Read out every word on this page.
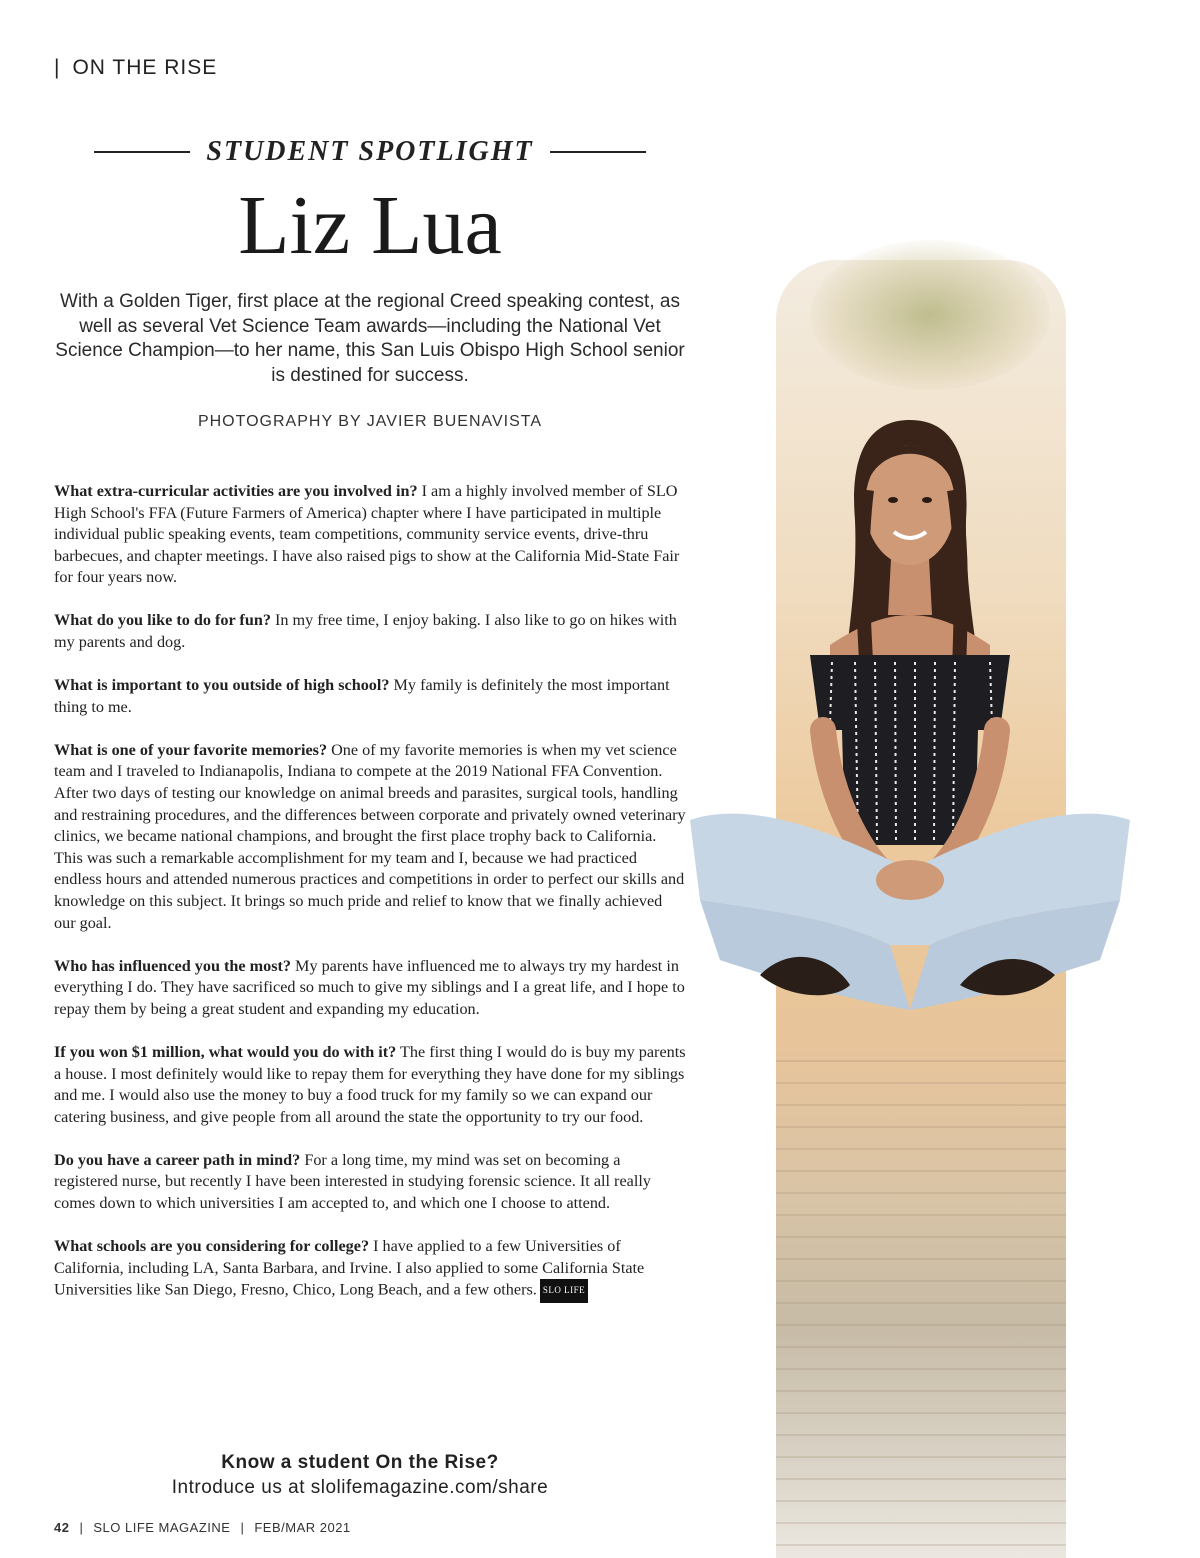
| ON THE RISE
STUDENT SPOTLIGHT
Liz Lua
With a Golden Tiger, first place at the regional Creed speaking contest, as well as several Vet Science Team awards—including the National Vet Science Champion—to her name, this San Luis Obispo High School senior is destined for success.
PHOTOGRAPHY BY JAVIER BUENAVISTA

What extra-curricular activities are you involved in? I am a highly involved member of SLO High School's FFA (Future Farmers of America) chapter where I have participated in multiple individual public speaking events, team competitions, community service events, drive-thru barbecues, and chapter meetings. I have also raised pigs to show at the California Mid-State Fair for four years now.

What do you like to do for fun? In my free time, I enjoy baking. I also like to go on hikes with my parents and dog.

What is important to you outside of high school? My family is definitely the most important thing to me.

What is one of your favorite memories? One of my favorite memories is when my vet science team and I traveled to Indianapolis, Indiana to compete at the 2019 National FFA Convention. After two days of testing our knowledge on animal breeds and parasites, surgical tools, handling and restraining procedures, and the differences between corporate and privately owned veterinary clinics, we became national champions, and brought the first place trophy back to California. This was such a remarkable accomplishment for my team and I, because we had practiced endless hours and attended numerous practices and competitions in order to perfect our skills and knowledge on this subject. It brings so much pride and relief to know that we finally achieved our goal.

Who has influenced you the most? My parents have influenced me to always try my hardest in everything I do. They have sacrificed so much to give my siblings and I a great life, and I hope to repay them by being a great student and expanding my education.

If you won $1 million, what would you do with it? The first thing I would do is buy my parents a house. I most definitely would like to repay them for everything they have done for my siblings and me. I would also use the money to buy a food truck for my family so we can expand our catering business, and give people from all around the state the opportunity to try our food.

Do you have a career path in mind? For a long time, my mind was set on becoming a registered nurse, but recently I have been interested in studying forensic science. It all really comes down to which universities I am accepted to, and which one I choose to attend.

What schools are you considering for college? I have applied to a few Universities of California, including LA, Santa Barbara, and Irvine. I also applied to some California State Universities like San Diego, Fresno, Chico, Long Beach, and a few others. SLO LIFE

Know a student On the Rise?
Introduce us at slolifemagazine.com/share
42 | SLO LIFE MAGAZINE | FEB/MAR 2021
